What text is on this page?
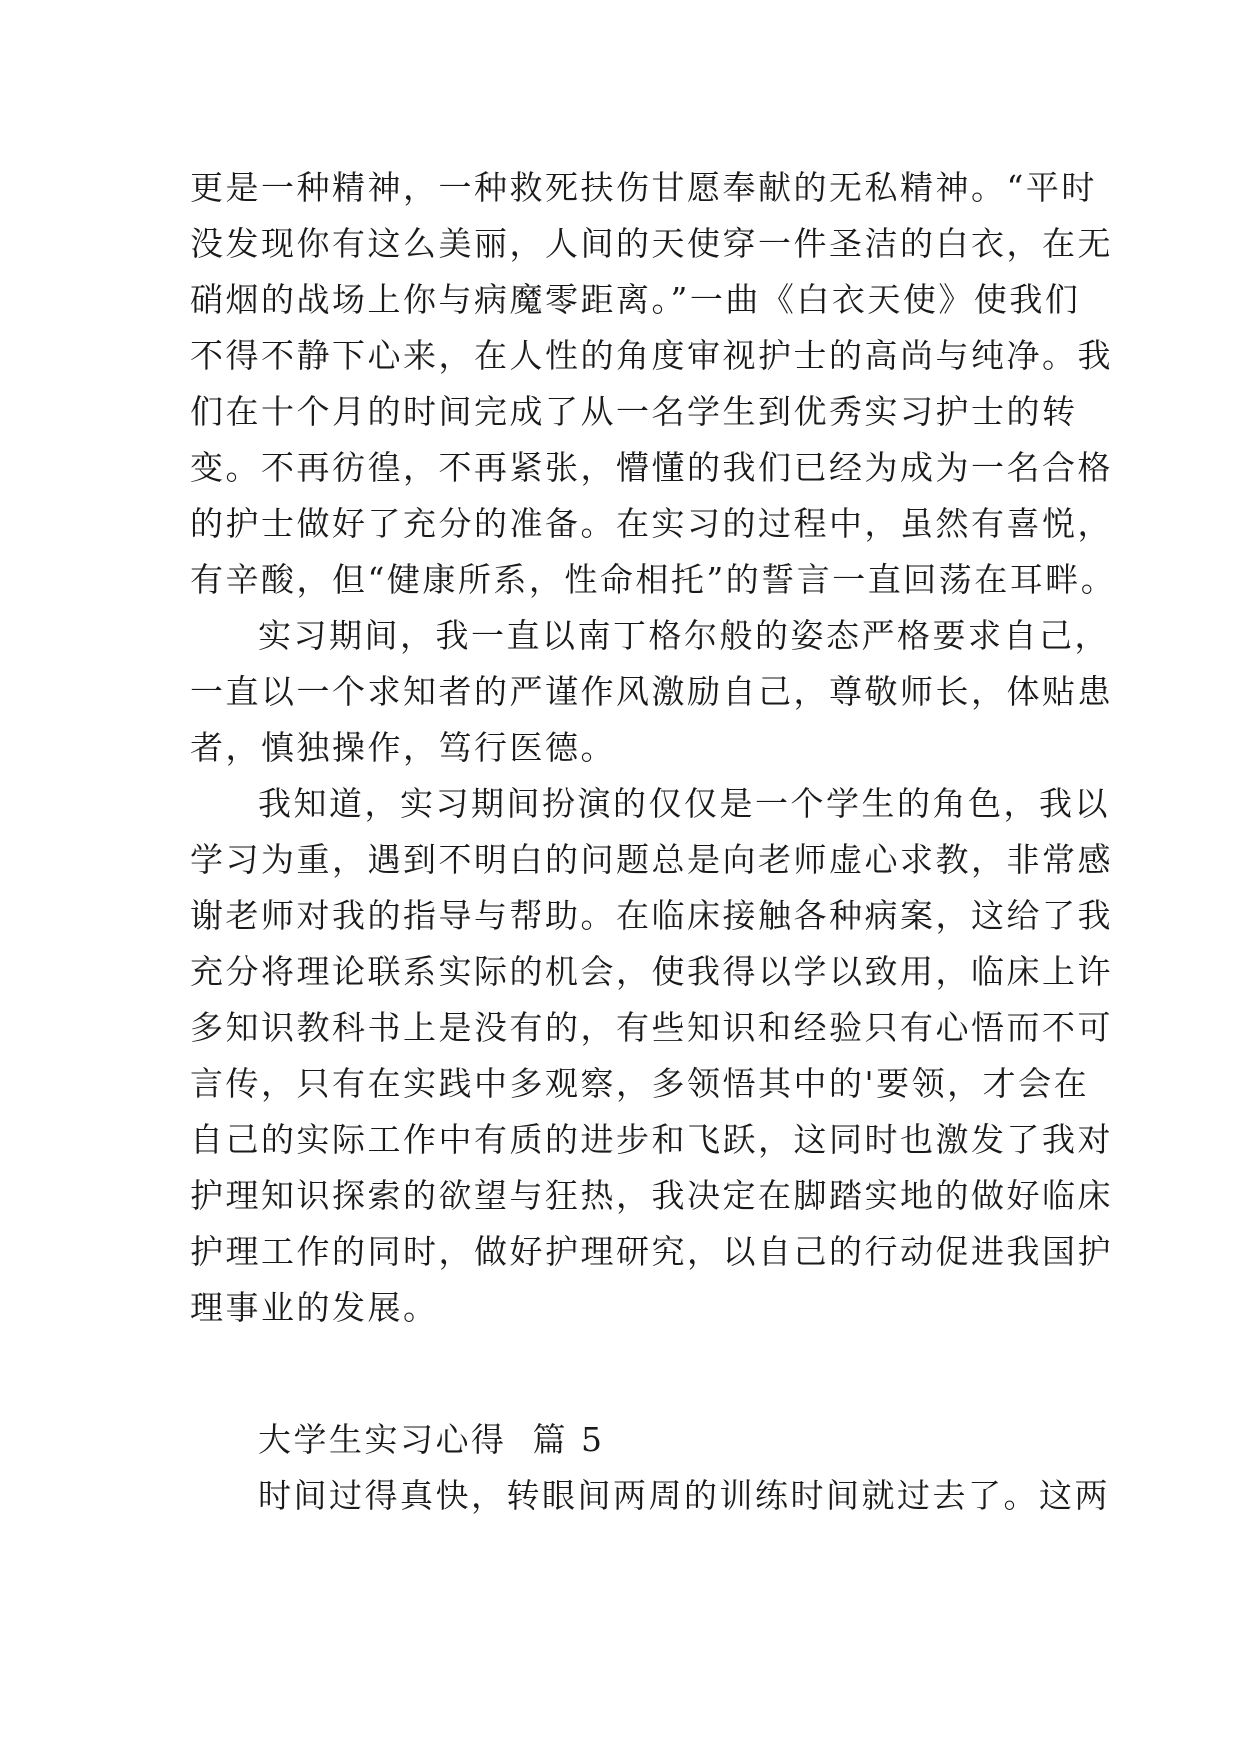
更是一种精神，一种救死扶伤甘愿奉献的无私精神。“平时
没发现你有这么美丽，人间的天使穿一件圣洁的白衣，在无
硝烟的战场上你与病魔零距离。”一曲《白衣天使》使我们
不得不静下心来，在人性的角度审视护士的高尚与纯净。我
们在十个月的时间完成了从一名学生到优秀实习护士的转
变。不再彷徨，不再紧张，懵懂的我们已经为成为一名合格
的护士做好了充分的准备。在实习的过程中，虽然有喜悦，
有辛酸，但“健康所系，性命相托”的誓言一直回荡在耳畔。
实习期间，我一直以南丁格尔般的姿态严格要求自己，
一直以一个求知者的严谨作风激励自己，尊敬师长，体贴患
者，慎独操作，笃行医德。
我知道，实习期间扮演的仅仅是一个学生的角色，我以
学习为重，遇到不明白的问题总是向老师虚心求教，非常感
谢老师对我的指导与帮助。在临床接触各种病案，这给了我
充分将理论联系实际的机会，使我得以学以致用，临床上许
多知识教科书上是没有的，有些知识和经验只有心悟而不可
言传，只有在实践中多观察，多领悟其中的'要领，才会在
自己的实际工作中有质的进步和飞跃，这同时也激发了我对
护理知识探索的欲望与狂热，我决定在脚踏实地的做好临床
护理工作的同时，做好护理研究，以自己的行动促进我国护
理事业的发展。
大学生实习心得  篇 5
时间过得真快，转眼间两周的训练时间就过去了。这两
